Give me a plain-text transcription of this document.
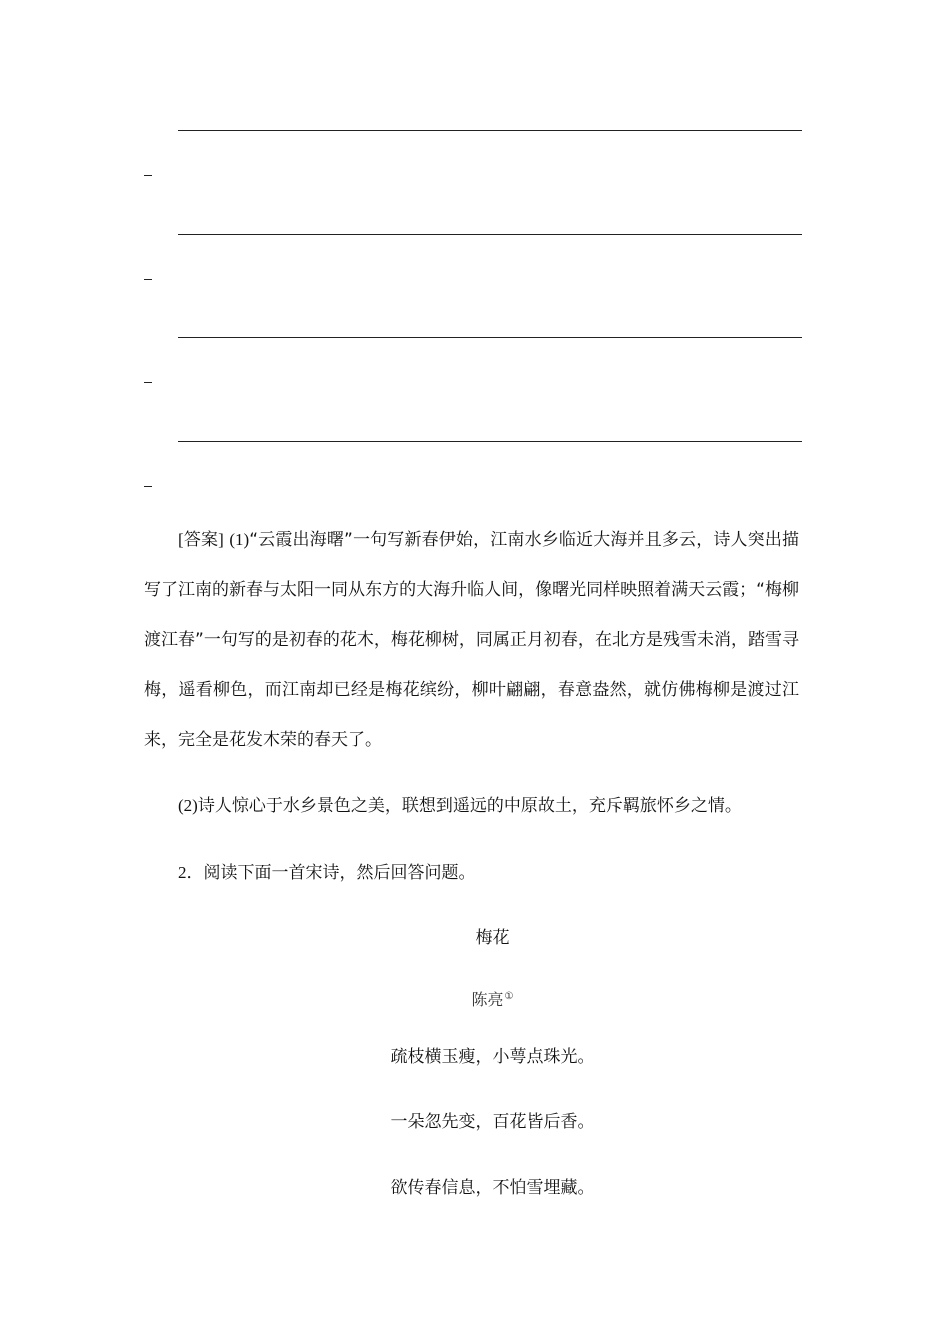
[答案] (1)“云霞出海曙”一句写新春伊始，江南水乡临近大海并且多云，诗人突出描写了江南的新春与太阳一同从东方的大海升临人间，像曙光同样映照着满天云霞；“梅柳渡江春”一句写的是初春的花木，梅花柳树，同属正月初春，在北方是残雪未消，踏雪寻梅，遥看柳色，而江南却已经是梅花缤纷，柳叶翩翩，春意盎然，就仿佛梅柳是渡过江来，完全是花发木荣的春天了。

(2)诗人惊心于水乡景色之美，联想到遥远的中原故土，充斥羁旅怀乡之情。

2．阅读下面一首宋诗，然后回答问题。
梅花
陈亮①
疏枝横玉瘦，小萼点珠光。
一朵忽先变，百花皆后香。
欲传春信息，不怕雪埋藏。
